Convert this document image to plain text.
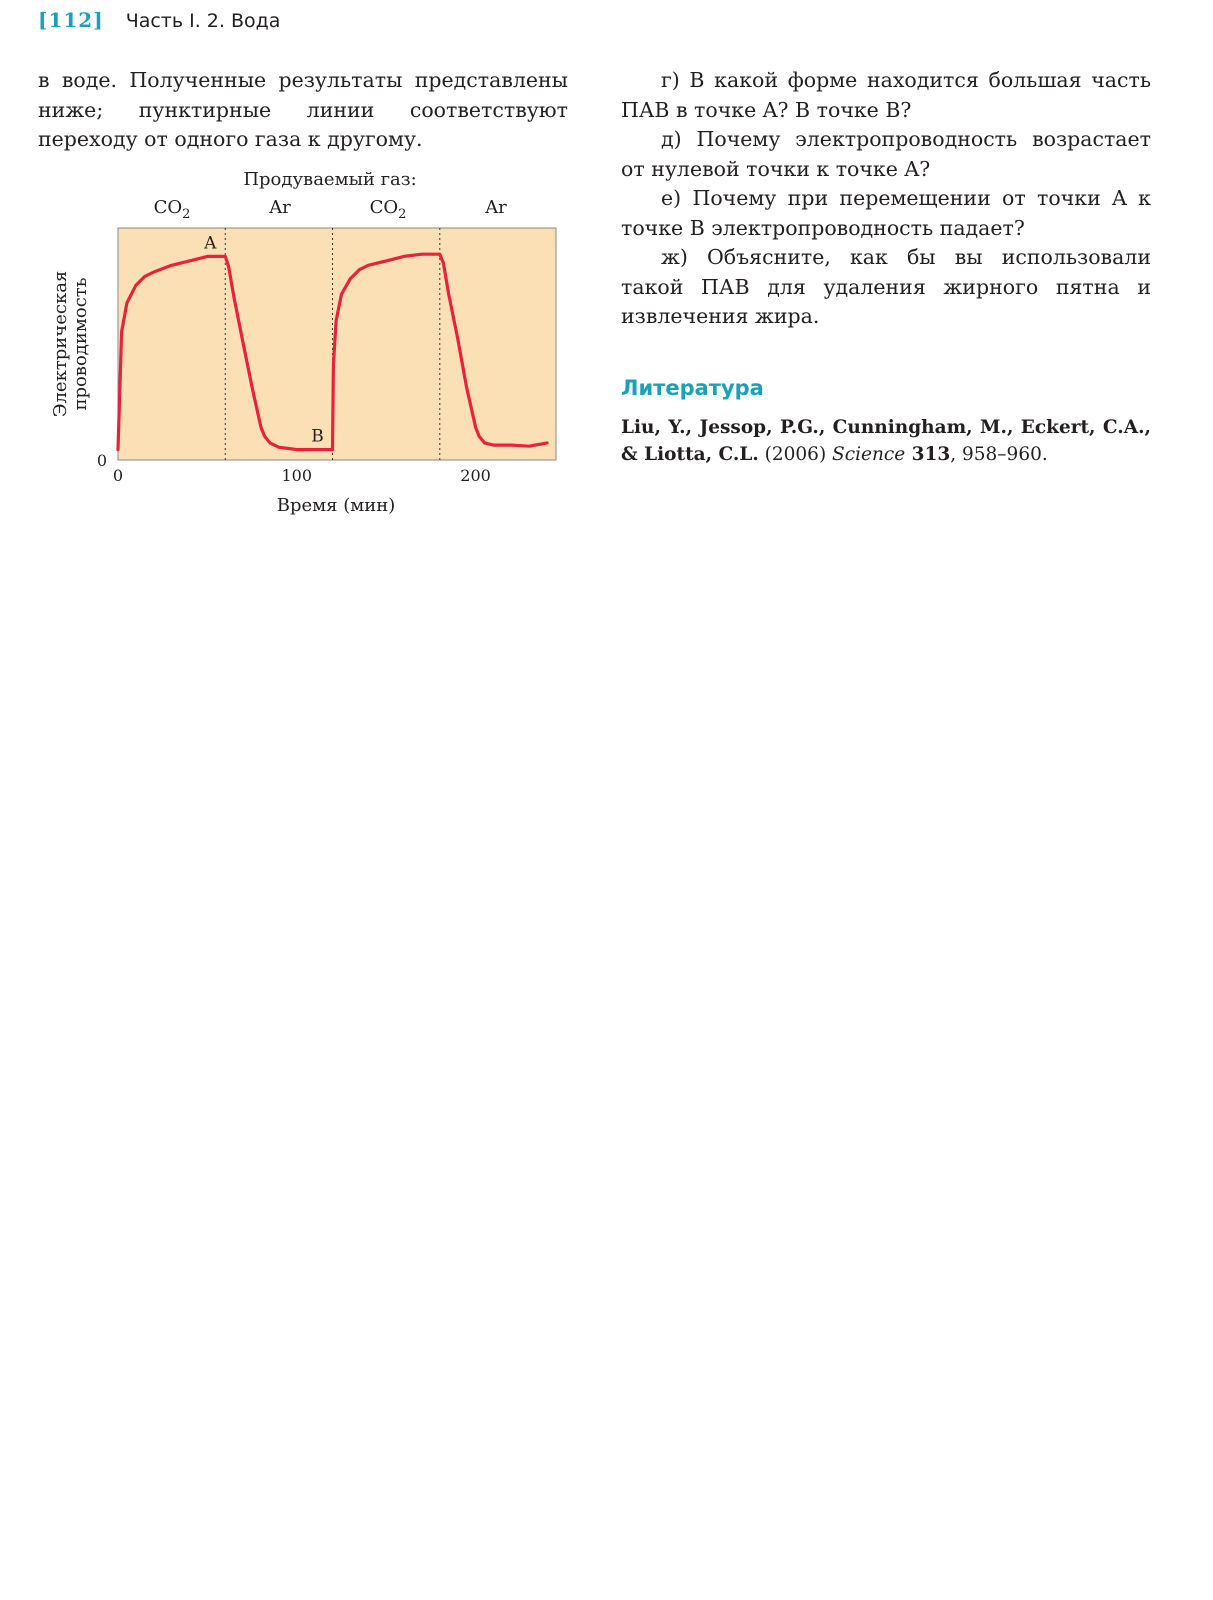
[112] Часть I. 2. Вода

в воде. Полученные результаты представлены ниже; пунктирные линии соответствуют переходу от одного газа к другому.

Продуваемый газ:
$CO_2$	Ar	$CO_2$	Ar
A
B
0
0	100	200
Время (мин)
Электрическая проводимость

г) В какой форме находится большая часть ПАВ в точке A? В точке B?

д) Почему электропроводность возрастает от нулевой точки к точке A?

е) Почему при перемещении от точки A к точке B электропроводность падает?

ж) Объясните, как бы вы использовали такой ПАВ для удаления жирного пятна и извлечения жира.

Литература

Liu, Y., Jessop, P.G., Cunningham, M., Eckert, C.A., & Liotta, C.L. (2006) Science 313, 958–960.
